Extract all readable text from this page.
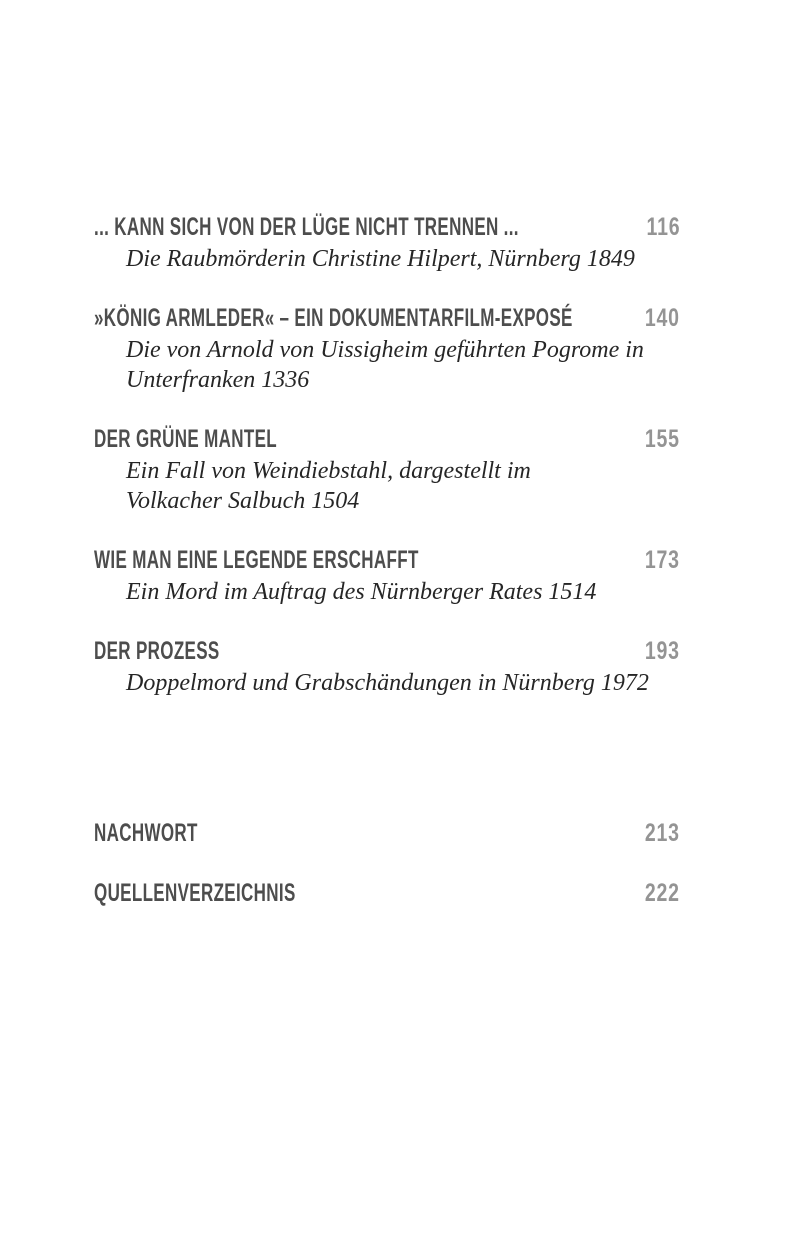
... KANN SICH VON DER LÜGE NICHT TRENNEN ...	116
Die Raubmörderin Christine Hilpert, Nürnberg 1849
»KÖNIG ARMLEDER« – EIN DOKUMENTARFILM-EXPOSÉ	140
Die von Arnold von Uissigheim geführten Pogrome in
Unterfranken 1336
DER GRÜNE MANTEL	155
Ein Fall von Weindiebstahl, dargestellt im
Volkacher Salbuch 1504
WIE MAN EINE LEGENDE ERSCHAFFT	173
Ein Mord im Auftrag des Nürnberger Rates 1514
DER PROZESS	193
Doppelmord und Grabschändungen in Nürnberg 1972
NACHWORT	213
QUELLENVERZEICHNIS	222
